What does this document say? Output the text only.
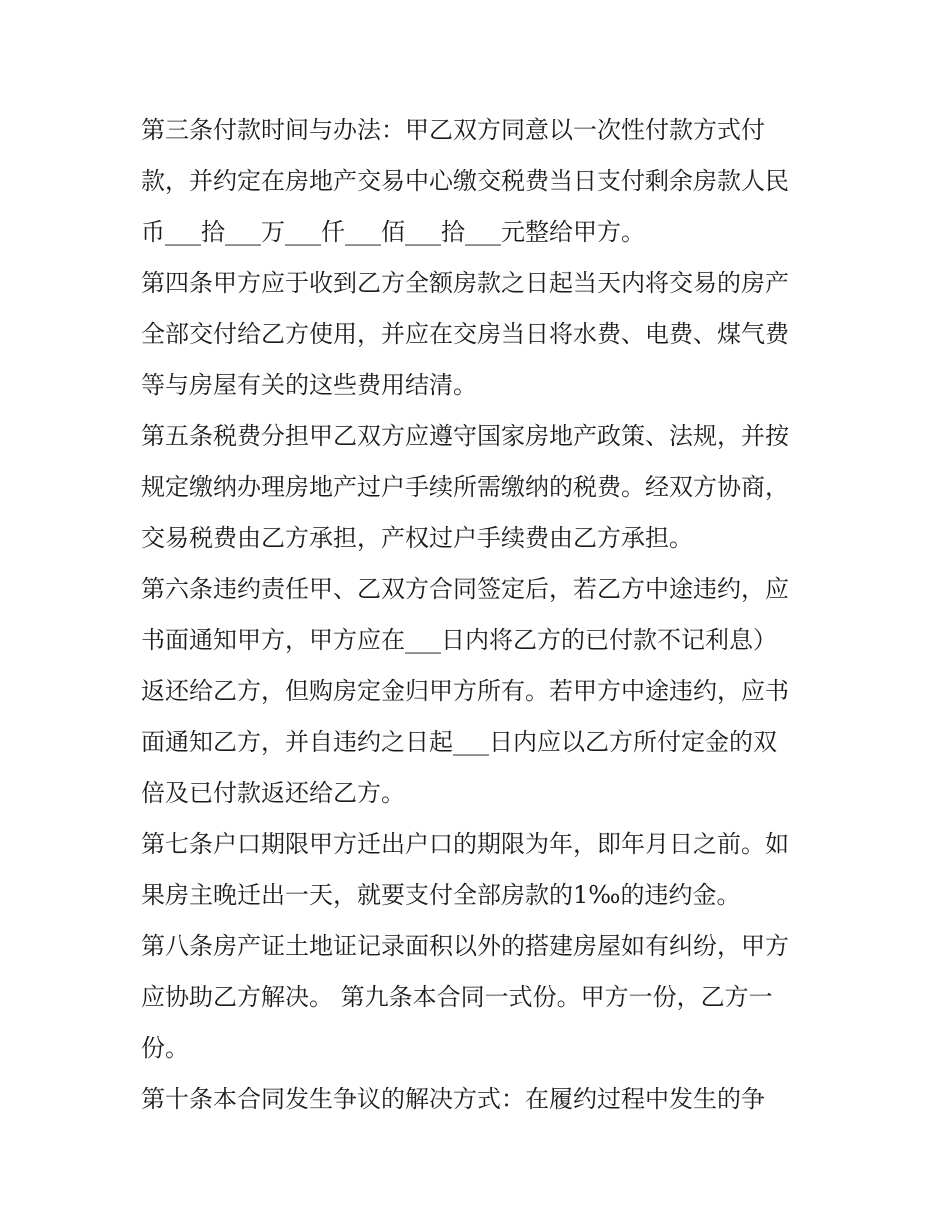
第三条付款时间与办法：甲乙双方同意以一次性付款方式付
款，并约定在房地产交易中心缴交税费当日支付剩余房款人民
币___拾___万___仟___佰___拾___元整给甲方。
第四条甲方应于收到乙方全额房款之日起当天内将交易的房产
全部交付给乙方使用，并应在交房当日将水费、电费、煤气费
等与房屋有关的这些费用结清。
第五条税费分担甲乙双方应遵守国家房地产政策、法规，并按
规定缴纳办理房地产过户手续所需缴纳的税费。经双方协商，
交易税费由乙方承担，产权过户手续费由乙方承担。
第六条违约责任甲、乙双方合同签定后，若乙方中途违约，应
书面通知甲方，甲方应在___日内将乙方的已付款不记利息）
返还给乙方，但购房定金归甲方所有。若甲方中途违约，应书
面通知乙方，并自违约之日起___日内应以乙方所付定金的双
倍及已付款返还给乙方。
第七条户口期限甲方迁出户口的期限为年，即年月日之前。如
果房主晚迁出一天，就要支付全部房款的1‰的违约金。
第八条房产证土地证记录面积以外的搭建房屋如有纠纷，甲方
应协助乙方解决。 第九条本合同一式份。甲方一份，乙方一
份。
第十条本合同发生争议的解决方式：在履约过程中发生的争
